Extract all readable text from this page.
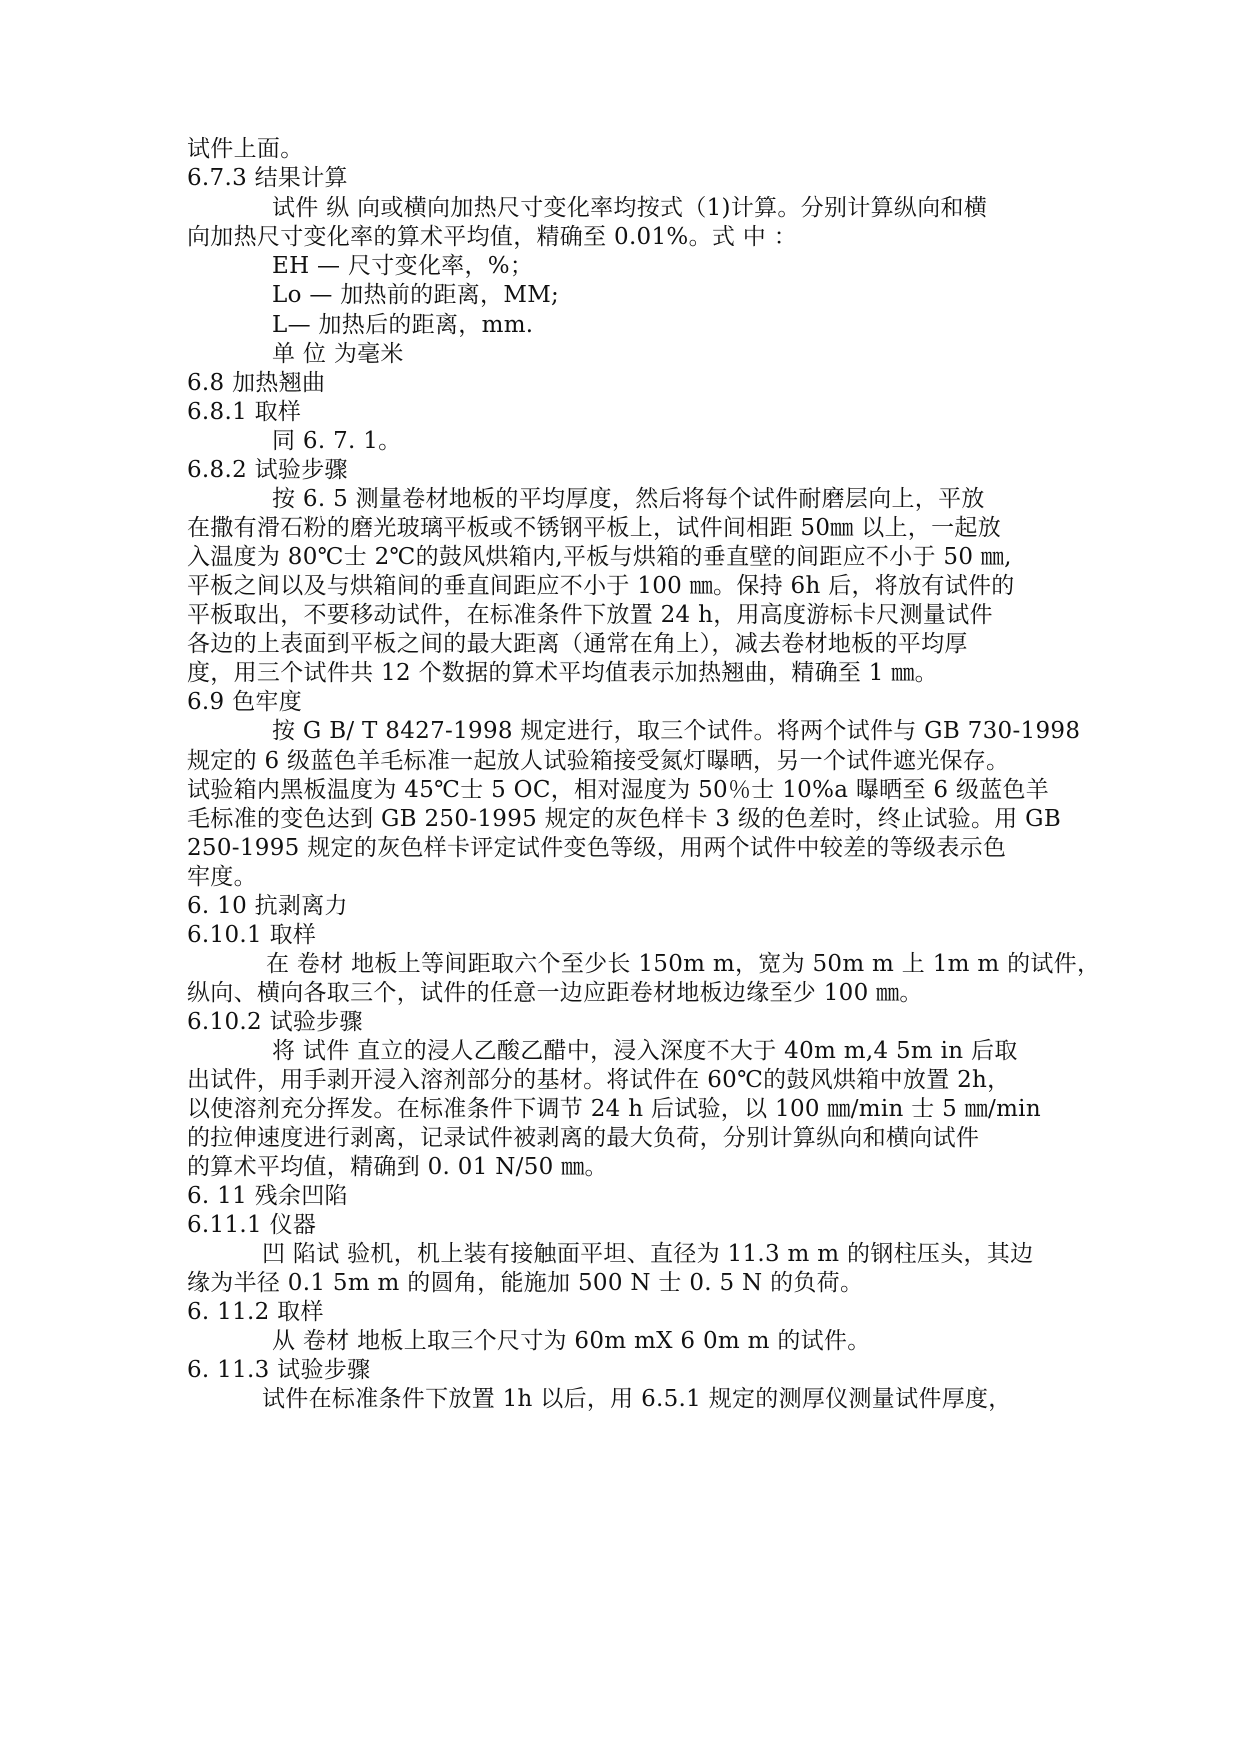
试件上面。
6.7.3 结果计算
试件 纵 向或横向加热尺寸变化率均按式（1)计算。分别计算纵向和横
向加热尺寸变化率的算术平均值，精确至 0.01%。式 中 ：
EH — 尺寸变化率，%；
Lo — 加热前的距离，MM;
L— 加热后的距离，mm.
单 位 为毫米
6.8 加热翘曲
6.8.1 取样
同 6. 7. 1。
6.8.2 试验步骤
按 6. 5 测量卷材地板的平均厚度，然后将每个试件耐磨层向上，平放
在撒有滑石粉的磨光玻璃平板或不锈钢平板上，试件间相距 50㎜ 以上，一起放
入温度为 80℃士 2℃的鼓风烘箱内,平板与烘箱的垂直壁的间距应不小于 50 ㎜,
平板之间以及与烘箱间的垂直间距应不小于 100 ㎜。保持 6h 后，将放有试件的
平板取出，不要移动试件，在标准条件下放置 24 h，用高度游标卡尺测量试件
各边的上表面到平板之间的最大距离（通常在角上），减去卷材地板的平均厚
度，用三个试件共 12 个数据的算术平均值表示加热翘曲，精确至 1 ㎜。
6.9 色牢度
按 G B/ T 8427-1998 规定进行，取三个试件。将两个试件与 GB 730-1998
规定的 6 级蓝色羊毛标准一起放人试验箱接受氮灯曝晒，另一个试件遮光保存。
试验箱内黑板温度为 45℃士 5 OC，相对湿度为 50％士 10%a 曝晒至 6 级蓝色羊
毛标准的变色达到 GB 250-1995 规定的灰色样卡 3 级的色差时，终止试验。用 GB
250-1995 规定的灰色样卡评定试件变色等级，用两个试件中较差的等级表示色
牢度。
6. 10 抗剥离力
6.10.1 取样
在 卷材 地板上等间距取六个至少长 150m m，宽为 50m m 上 1m m 的试件，
纵向、横向各取三个，试件的任意一边应距卷材地板边缘至少 100 ㎜。
6.10.2 试验步骤
将 试件 直立的浸人乙酸乙醋中，浸入深度不大于 40m m,4 5m in 后取
出试件，用手剥开浸入溶剂部分的基材。将试件在 60℃的鼓风烘箱中放置 2h，
以使溶剂充分挥发。在标准条件下调节 24 h 后试验，以 100 ㎜/min 士 5 ㎜/min
的拉伸速度进行剥离，记录试件被剥离的最大负荷，分别计算纵向和横向试件
的算术平均值，精确到 0. 01 N/50 ㎜。
6. 11 残余凹陷
6.11.1 仪器
凹 陷试 验机，机上装有接触面平坦、直径为 11.3 m m 的钢柱压头，其边
缘为半径 0.1 5m m 的圆角，能施加 500 N 士 0. 5 N 的负荷。
6. 11.2 取样
从 卷材 地板上取三个尺寸为 60m mX 6 0m m 的试件。
6. 11.3 试验步骤
试件在标准条件下放置 1h 以后，用 6.5.1 规定的测厚仪测量试件厚度，
